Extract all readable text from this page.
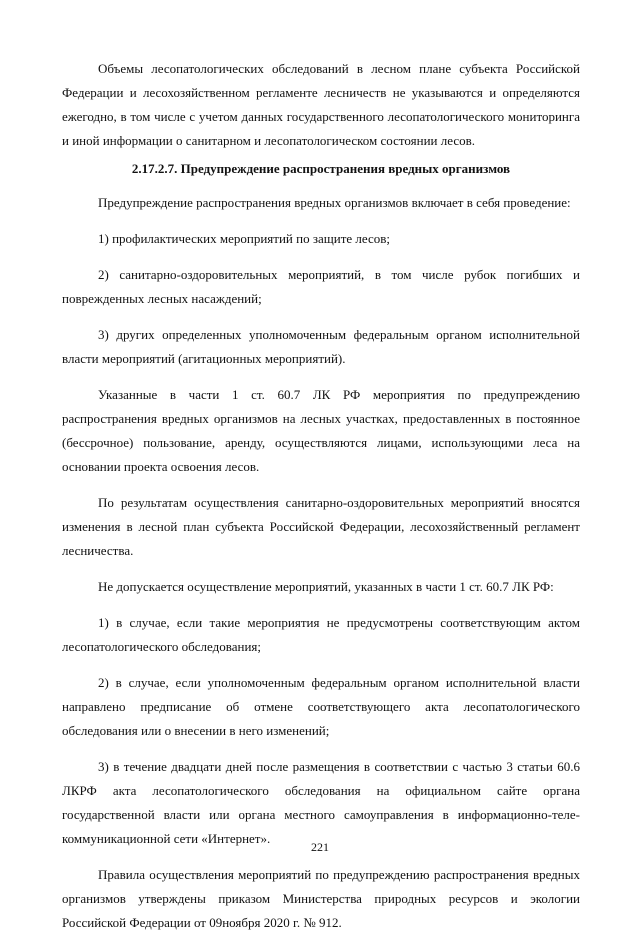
Объемы лесопатологических обследований в лесном плане субъекта Российской Федерации и лесохозяйственном регламенте лесничеств не указываются и определяются ежегодно, в том числе с учетом данных государственного лесопатологического мониторинга и иной информации о санитарном и лесопатологическом состоянии лесов.

2.17.2.7. Предупреждение распространения вредных организмов

Предупреждение распространения вредных организмов включает в себя проведение:

1) профилактических мероприятий по защите лесов;

2) санитарно-оздоровительных мероприятий, в том числе рубок погибших и поврежденных лесных насаждений;

3) других определенных уполномоченным федеральным органом исполнительной власти мероприятий (агитационных мероприятий).

Указанные в части 1 ст. 60.7 ЛК РФ мероприятия по предупреждению распространения вредных организмов на лесных участках, предоставленных в постоянное (бессрочное) пользование, аренду, осуществляются лицами, использующими леса на основании проекта освоения лесов.

По результатам осуществления санитарно-оздоровительных мероприятий вносятся изменения в лесной план субъекта Российской Федерации, лесохозяйственный регламент лесничества.

Не допускается осуществление мероприятий, указанных в части 1 ст. 60.7 ЛК РФ:

1) в случае, если такие мероприятия не предусмотрены соответствующим актом лесопатологического обследования;

2) в случае, если уполномоченным федеральным органом исполнительной власти направлено предписание об отмене соответствующего акта лесопатологического обследования или о внесении в него изменений;

3) в течение двадцати дней после размещения в соответствии с частью 3 статьи 60.6 ЛКРФ акта лесопатологического обследования на официальном сайте органа государственной власти или органа местного самоуправления в информационно-теле-коммуникационной сети «Интернет».

Правила осуществления мероприятий по предупреждению распространения вредных организмов утверждены приказом Министерства природных ресурсов и экологии Российской Федерации от 09ноября 2020 г. № 912.

221
